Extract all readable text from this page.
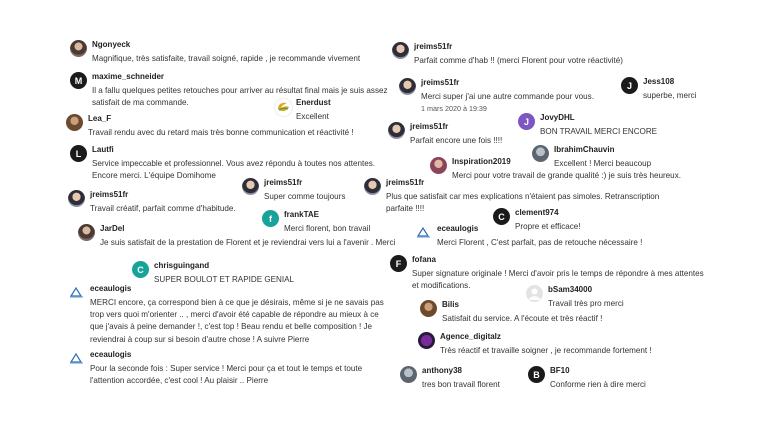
Ngonyeck
Magnifique, très satisfaite, travail soigné, rapide , je recommande vivement
M maxime_schneider
Il a fallu quelques petites retouches pour arriver au résultat final mais je suis assez satisfait de ma commande.	Enerdust
Excellent
Lea_F
Travail rendu avec du retard mais très bonne communication et réactivité !
L Lautfi
Service impeccable et professionnel. Vous avez répondu à toutes nos attentes. Encore merci. L'équipe Domihome
jreims51fr
Travail créatif, parfait comme d'habitude.
jreims51fr
Super comme toujours
f frankTAE
Merci florent, bon travail
jreims51fr
Plus que satisfait car mes explications n'étaient pas simoles. Retranscription parfaite !!!!
JarDel
Je suis satisfait de la prestation de Florent et je reviendrai vers lui a l'avenir . Merci
C chrisguingand
SUPER BOULOT ET RAPIDE GENIAL
eceaulogis
MERCI encore, ça correspond bien à ce que je désirais, même si je ne savais pas trop vers quoi m'orienter .. , merci d'avoir été capable de répondre au mieux à ce que j'avais à peine demander !, c'est top ! Beau rendu et belle composition ! Je reviendrai à coup sur si besoin d'autre chose ! A suivre Pierre
eceaulogis
Pour la seconde fois : Super service ! Merci pour ça et tout le temps et toute l'attention accordée, c'est cool ! Au plaisir .. Pierre
jreims51fr
Parfait comme d'hab !! (merci Florent pour votre réactivité)
jreims51fr
Merci super j'ai une autre commande pour vous.
1 mars 2020 à 19:39
J Jess108
superbe, merci
J JovyDHL
BON TRAVAIL MERCI ENCORE
jreims51fr
Parfait encore une fois !!!!
IbrahimChauvin
Excellent ! Merci beaucoup
Inspiration2019
Merci pour votre travail de grande qualité :) je suis très heureux.
C clement974
Propre et efficace!
eceaulogis
Merci Florent , C'est parfait, pas de retouche nécessaire !
F fofana
Super signature originale ! Merci d'avoir pris le temps de répondre à mes attentes et modifications.	bSam34000
Travail très pro merci
Bilis
Satisfait du service. A l'écoute et très réactif !
Agence_digitalz
Très réactif et travaille soigner , je recommande fortement !
anthony38
tres bon travail florent
B BF10
Conforme rien à dire merci
